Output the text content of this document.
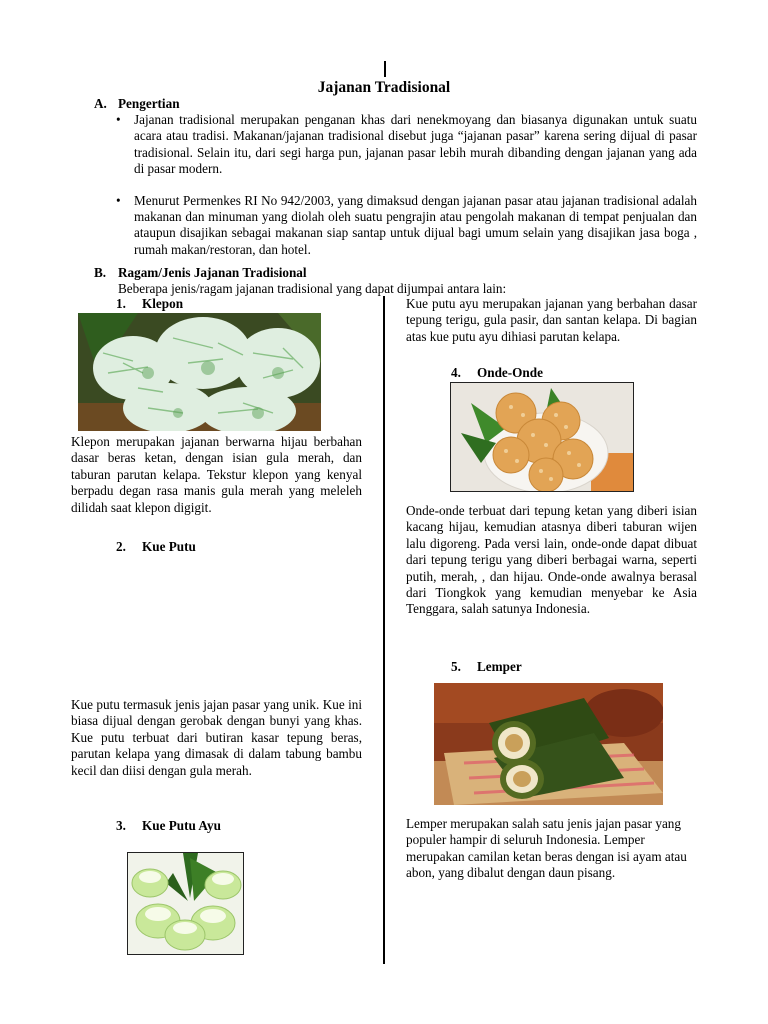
Jajanan Tradisional
A. Pengertian
• Jajanan tradisional merupakan penganan khas dari nenekmoyang dan biasanya digunakan untuk suatu acara atau tradisi. Makanan/jajanan tradisional disebut juga “jajanan pasar” karena sering dijual di pasar tradisional. Selain itu, dari segi harga pun, jajanan pasar lebih murah dibanding dengan jajanan yang ada di pasar modern.
• Menurut Permenkes RI No 942/2003, yang dimaksud dengan jajanan pasar atau jajanan tradisional adalah makanan dan minuman yang diolah oleh suatu pengrajin atau pengolah makanan di tempat penjualan dan ataupun disajikan sebagai makanan siap santap untuk dijual bagi umum selain yang disajikan jasa boga , rumah makan/restoran, dan hotel.
B. Ragam/Jenis Jajanan Tradisional
Beberapa jenis/ragam jajanan tradisional yang dapat dijumpai antara lain:
1. Klepon
Klepon merupakan jajanan berwarna hijau berbahan dasar beras ketan, dengan isian gula merah, dan taburan parutan kelapa. Tekstur klepon yang kenyal berpadu degan rasa manis gula merah yang meleleh dilidah saat klepon digigit.
2. Kue Putu
Kue putu termasuk jenis jajan pasar yang unik. Kue ini biasa dijual dengan gerobak dengan bunyi yang khas. Kue putu terbuat dari butiran kasar tepung beras, parutan kelapa yang dimasak di dalam tabung bambu kecil dan diisi dengan gula merah.
3. Kue Putu Ayu
Kue putu ayu merupakan jajanan yang berbahan dasar tepung terigu, gula pasir, dan santan kelapa. Di bagian atas kue putu ayu dihiasi parutan kelapa.
4. Onde-Onde
Onde-onde terbuat dari tepung ketan yang diberi isian kacang hijau, kemudian atasnya diberi taburan wijen lalu digoreng. Pada versi lain, onde-onde dapat dibuat dari tepung terigu yang diberi berbagai warna, seperti putih, merah, , dan hijau. Onde-onde awalnya berasal dari Tiongkok yang kemudian menyebar ke Asia Tenggara, salah satunya Indonesia.
5. Lemper
Lemper merupakan salah satu jenis jajan pasar yang populer hampir di seluruh Indonesia. Lemper merupakan camilan ketan beras dengan isi ayam atau abon, yang dibalut dengan daun pisang.
